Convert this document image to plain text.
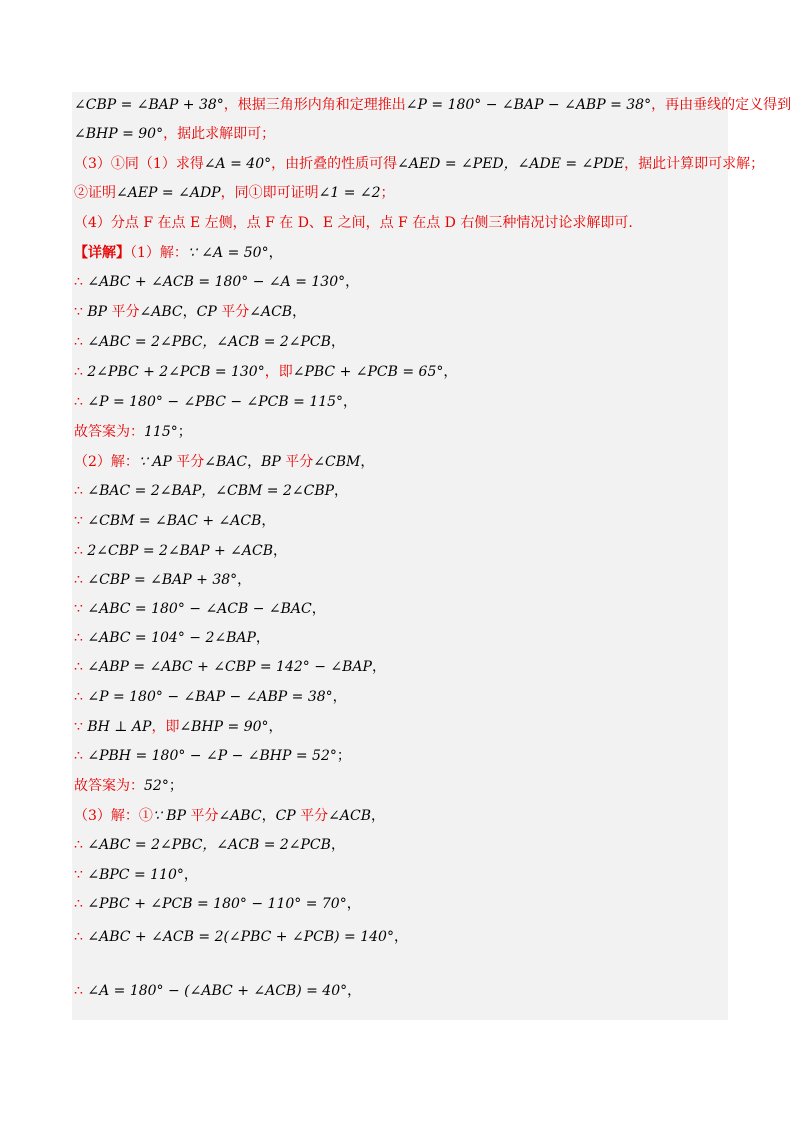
∠CBP = ∠BAP + 38°，根据三角形内角和定理推出∠P = 180° − ∠BAP − ∠ABP = 38°，再由垂线的定义得到
∠BHP = 90°，据此求解即可；
（3）①同（1）求得∠A = 40°，由折叠的性质可得∠AED = ∠PED，∠ADE = ∠PDE，据此计算即可求解；
②证明∠AEP = ∠ADP，同①即可证明∠1 = ∠2；
（4）分点 F 在点 E 左侧，点 F 在 D、E 之间，点 F 在点 D 右侧三种情况讨论求解即可.
【详解】（1）解：∵ ∠A = 50°，
∴ ∠ABC + ∠ACB = 180° − ∠A = 130°，
∵ BP 平分∠ABC，CP 平分∠ACB，
∴ ∠ABC = 2∠PBC，∠ACB = 2∠PCB，
∴ 2∠PBC + 2∠PCB = 130°，即∠PBC + ∠PCB = 65°，
∴ ∠P = 180° − ∠PBC − ∠PCB = 115°，
故答案为：115°；
（2）解：∵ AP 平分∠BAC，BP 平分∠CBM，
∴ ∠BAC = 2∠BAP，∠CBM = 2∠CBP，
∵ ∠CBM = ∠BAC + ∠ACB，
∴ 2∠CBP = 2∠BAP + ∠ACB，
∴ ∠CBP = ∠BAP + 38°，
∵ ∠ABC = 180° − ∠ACB − ∠BAC，
∴ ∠ABC = 104° − 2∠BAP，
∴ ∠ABP = ∠ABC + ∠CBP = 142° − ∠BAP，
∴ ∠P = 180° − ∠BAP − ∠ABP = 38°，
∵ BH ⊥ AP，即∠BHP = 90°，
∴ ∠PBH = 180° − ∠P − ∠BHP = 52°；
故答案为：52°；
（3）解：①∵ BP 平分∠ABC，CP 平分∠ACB，
∴ ∠ABC = 2∠PBC，∠ACB = 2∠PCB，
∵ ∠BPC = 110°，
∴ ∠PBC + ∠PCB = 180° − 110° = 70°，
∴ ∠ABC + ∠ACB = 2(∠PBC + ∠PCB) = 140°，
∴ ∠A = 180° − (∠ABC + ∠ACB) = 40°，
